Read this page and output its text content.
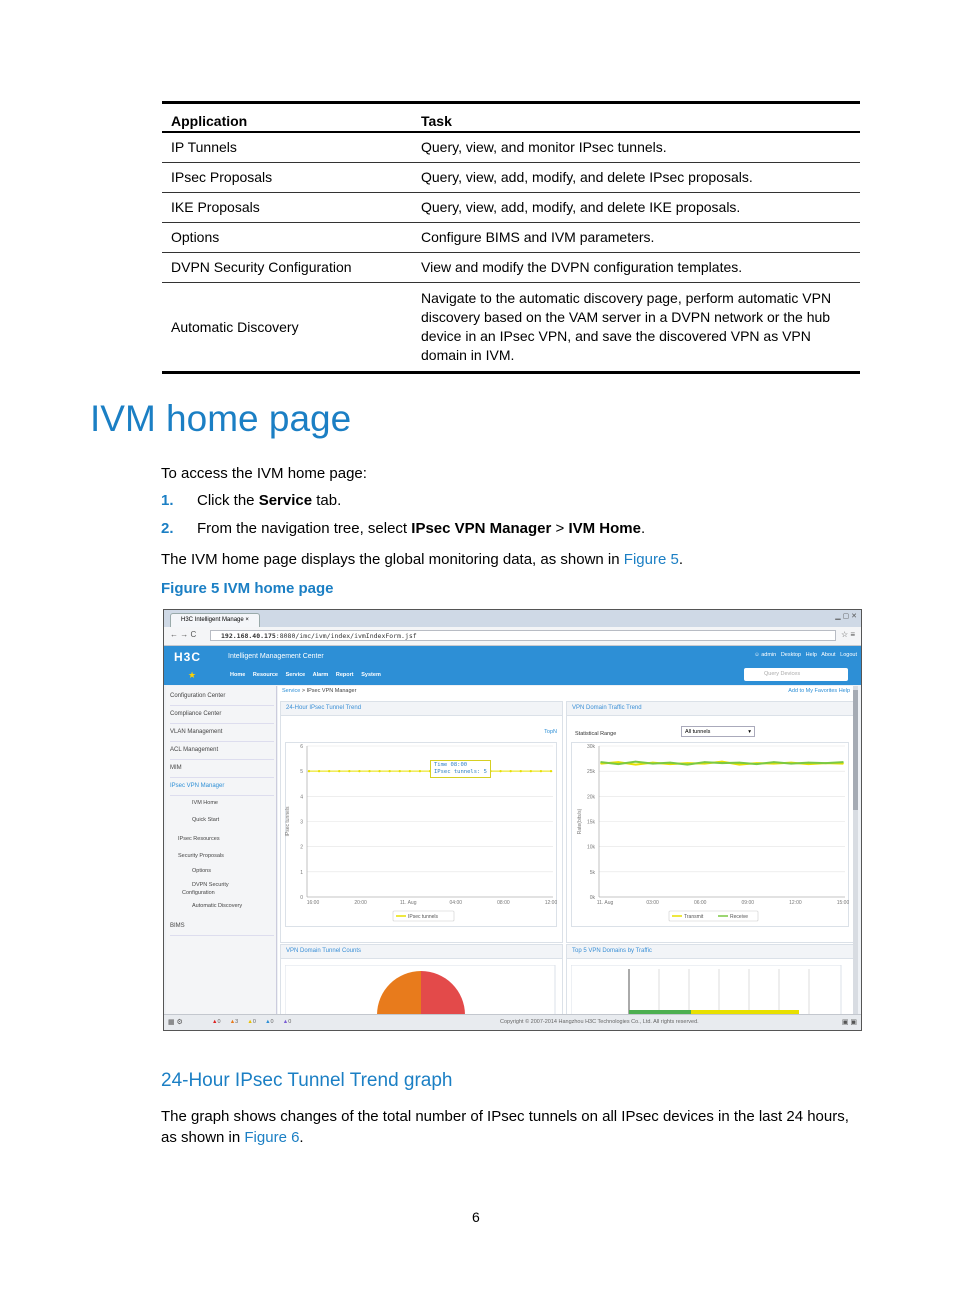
Application	Task
IP Tunnels	Query, view, and monitor IPsec tunnels.
IPsec Proposals	Query, view, add, modify, and delete IPsec proposals.
IKE Proposals	Query, view, add, modify, and delete IKE proposals.
Options	Configure BIMS and IVM parameters.
DVPN Security Configuration	View and modify the DVPN configuration templates.
Automatic Discovery	Navigate to the automatic discovery page, perform automatic VPN discovery based on the VAM server in a DVPN network or the hub device in an IPsec VPN, and save the discovered VPN as VPN domain in IVM.
IVM home page
To access the IVM home page:
1. Click the Service tab.
2. From the navigation tree, select IPsec VPN Manager > IVM Home.
The IVM home page displays the global monitoring data, as shown in Figure 5.
Figure 5 IVM home page
H3C Intelligent Manage ×	▁ ▢ ✕
← → C	192.168.40.175:8080/imc/ivm/index/ivmIndexForm.jsf	☆ ≡
H3C	Intelligent Management Center	☺ admin Desktop Help About Logout
★	Home Resource Service Alarm Report System	Query Devices
Configuration Center
Compliance Center
VLAN Management
ACL Management
MIM
IPsec VPN Manager
IVM Home
Quick Start
IPsec Resources
Security Proposals
Options
DVPN Security
Configuration
Automatic Discovery
BIMS
Service > IPsec VPN Manager	Add to My Favorites Help
24-Hour IPsec Tunnel Trend
TopN
0
1
2
3
4
5
6
16:00	20:00	11. Aug	04:00	08:00	12:00
IPsec tunnels
IPsec tunnels
Time 08:00
IPsec tunnels: 5
VPN Domain Traffic Trend
Statistical Range	All tunnels	▾
0k
5k
10k
15k
20k
25k
30k
11. Aug	03:00	06:00	09:00	12:00	15:00
Rate(bits/s)
Transmit	Receive
VPN Domain Tunnel Counts	Top 5 VPN Domains by Traffic
▦ ⚙	▲0 ▲3 ▲0 ▲0 ▲0	Copyright © 2007-2014 Hangzhou H3C Technologies Co., Ltd. All rights reserved.	▣ ▣
24-Hour IPsec Tunnel Trend graph
The graph shows changes of the total number of IPsec tunnels on all IPsec devices in the last 24 hours, as shown in Figure 6.
6
